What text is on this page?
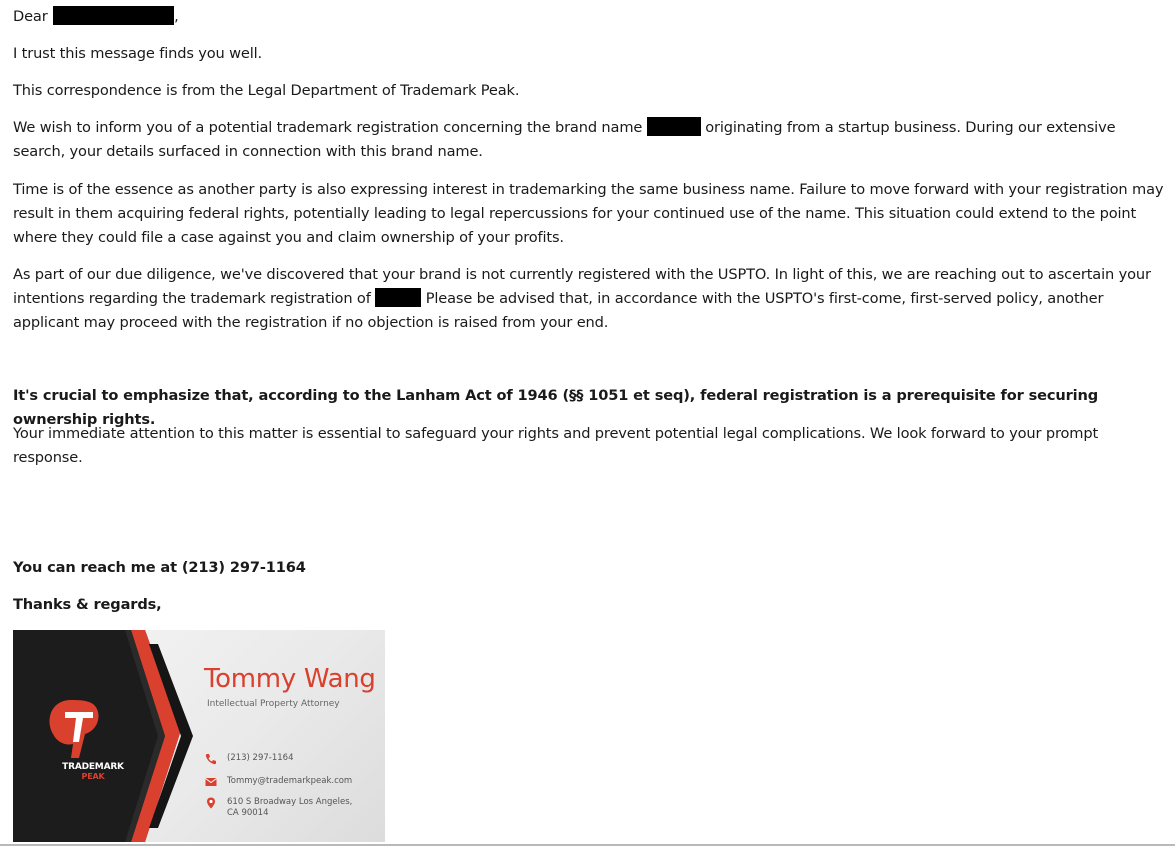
Dear	,
I trust this message finds you well.
This correspondence is from the Legal Department of Trademark Peak.
We wish to inform you of a potential trademark registration concerning the brand name	originating from a startup business. During our extensive search, your details surfaced in connection with this brand name.
Time is of the essence as another party is also expressing interest in trademarking the same business name. Failure to move forward with your registration may result in them acquiring federal rights, potentially leading to legal repercussions for your continued use of the name. This situation could extend to the point where they could file a case against you and claim ownership of your profits.
As part of our due diligence, we've discovered that your brand is not currently registered with the USPTO. In light of this, we are reaching out to ascertain your intentions regarding the trademark registration of	Please be advised that, in accordance with the USPTO's first-come, first-served policy, another applicant may proceed with the registration if no objection is raised from your end.
It's crucial to emphasize that, according to the Lanham Act of 1946 (§§ 1051 et seq), federal registration is a prerequisite for securing ownership rights.
Your immediate attention to this matter is essential to safeguard your rights and prevent potential legal complications. We look forward to your prompt response.
You can reach me at (213) 297-1164
Thanks & regards,
TRADEMARK
PEAK
Tommy Wang
Intellectual Property Attorney
(213) 297-1164
Tommy@trademarkpeak.com
610 S Broadway Los Angeles,
CA 90014
